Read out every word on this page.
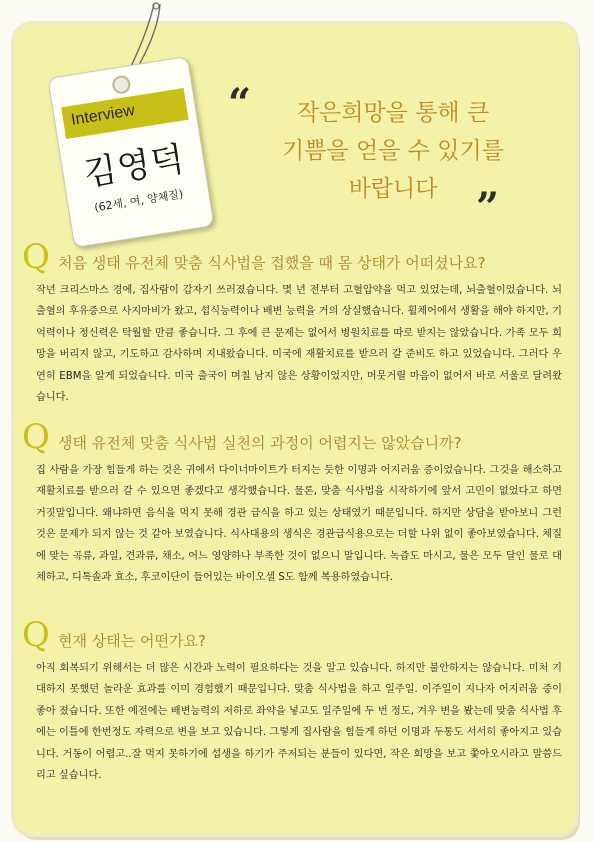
Interview
김영덕
(62세, 여, 양체질)
“	작은희망을 통해 큰
기쁨을 얻을 수 있기를
바랍니다 ”
Q 처음 생태 유전체 맞춤 식사법을 접했을 때 몸 상태가 어떠셨나요?
작년 크리스마스 경에, 집사람이 갑자기 쓰러졌습니다. 몇 년 전부터 고혈압약을 먹고 있었는데, 뇌출혈이었습니다. 뇌출혈의 후유증으로 사지마비가 왔고, 섭식능력이나 배변 능력을 거의 상실했습니다. 휠체어에서 생활을 해야 하지만, 기억력이나 정신력은 탁월할 만큼 좋습니다. 그 후에 큰 문제는 없어서 병원치료를 따로 받지는 않았습니다. 가족 모두 희망을 버리지 않고, 기도하고 감사하며 지내왔습니다. 미국에 재활치료를 받으러 갈 준비도 하고 있었습니다. 그러다 우연히 EBM을 알게 되었습니다. 미국 출국이 며칠 남지 않은 상황이었지만, 머뭇거릴 마음이 없어서 바로 서울로 달려왔습니다.
Q 생태 유전체 맞춤 식사법 실천의 과정이 어렵지는 않았습니까?
집 사람을 가장 힘들게 하는 것은 귀에서 다이너마이트가 터지는 듯한 이명과 어지러움 증이었습니다. 그것을 해소하고 재활치료를 받으러 갈 수 있으면 좋겠다고 생각했습니다. 물론, 맞춤 식사법을 시작하기에 앞서 고민이 없었다고 하면 거짓말입니다. 왜냐하면 음식을 먹지 못해 경관 급식을 하고 있는 상태였기 때문입니다. 하지만 상담을 받아보니 그런 것은 문제가 되지 않는 것 같아 보였습니다. 식사대용의 생식은 경관급식용으로는 더할 나위 없이 좋아보였습니다. 체질에 맞는 곡류, 과일, 견과류, 채소, 어느 영양하나 부족한 것이 없으니 말입니다. 녹즙도 마시고, 물은 모두 달인 물로 대체하고, 디톡솔과 효소, 후코이단이 들어있는 바이오셀 S도 함께 복용하였습니다.
Q 현재 상태는 어떤가요?
아직 회복되기 위해서는 더 많은 시간과 노력이 필요하다는 것을 알고 있습니다. 하지만 불안하지는 않습니다. 미처 기대하지 못했던 놀라운 효과를 이미 경험했기 때문입니다. 맞춤 식사법을 하고 일주일. 이주일이 지나자 어지러움 증이 좋아 졌습니다. 또한 예전에는 배변능력의 저하로 좌약을 넣고도 일주일에 두 번 정도, 겨우 변을 봤는데 맞춤 식사법 후에는 이틀에 한번정도 자력으로 변을 보고 있습니다. 그렇게 집사람을 힘들게 하던 이명과 두통도 서서히 좋아지고 있습니다. 거동이 어렵고..잘 먹지 못하기에 섭생을 하기가 주저되는 분들이 있다면, 작은 희망을 보고 쫓아오시라고 말씀드리고 싶습니다.
